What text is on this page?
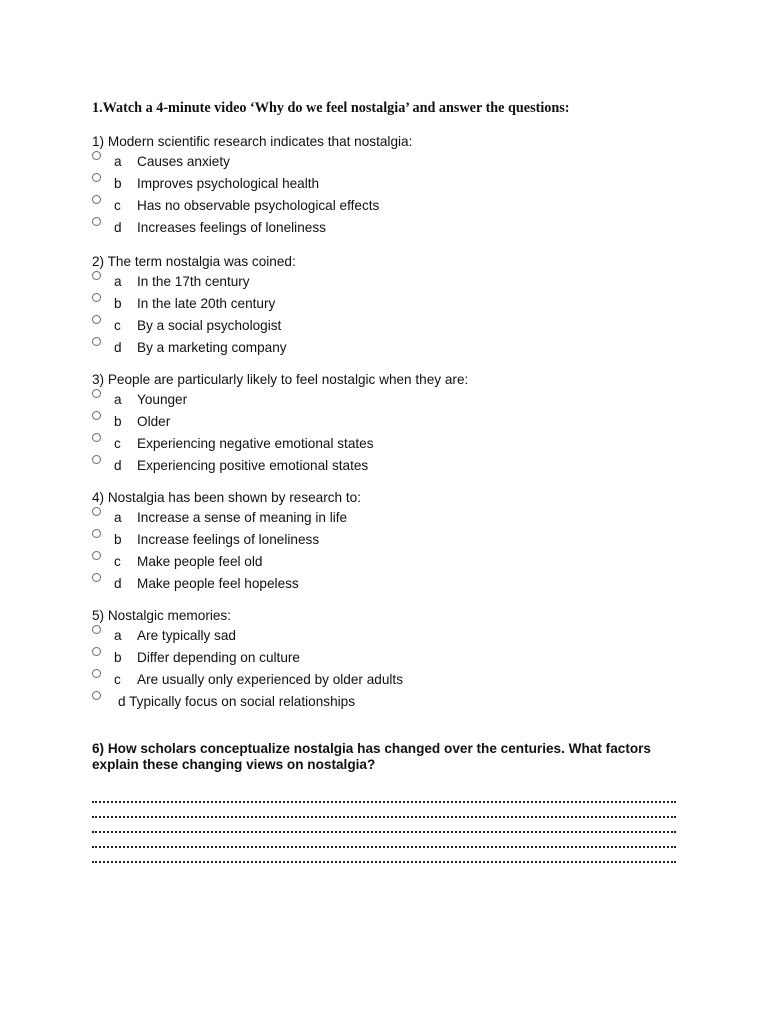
1.Watch a 4-minute video ‘Why do we feel nostalgia’ and answer the questions:
1) Modern scientific research indicates that nostalgia:
a Causes anxiety
b Improves psychological health
c Has no observable psychological effects
d Increases feelings of loneliness
2) The term nostalgia was coined:
a In the 17th century
b In the late 20th century
c By a social psychologist
d By a marketing company
3) People are particularly likely to feel nostalgic when they are:
a Younger
b Older
c Experiencing negative emotional states
d Experiencing positive emotional states
4) Nostalgia has been shown by research to:
a Increase a sense of meaning in life
b Increase feelings of loneliness
c Make people feel old
d Make people feel hopeless
5) Nostalgic memories:
a Are typically sad
b Differ depending on culture
c Are usually only experienced by older adults
d Typically focus on social relationships
6) How scholars conceptualize nostalgia has changed over the centuries. What factors explain these changing views on nostalgia?
